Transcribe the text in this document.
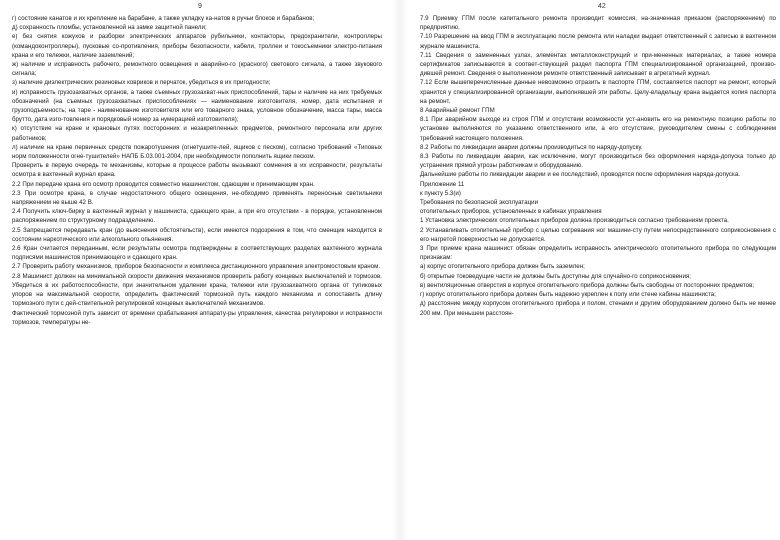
9

г) состояние канатов и их крепление на барабане, а также укладку ка-натов в ручьи блоков и барабанов;

д) сохранность пломбы, установленной на замке защитной панели;

е) без снятия кожухов и разборки электрических аппаратов рубильники, контакторы, предохранители, контроллеры (командоконтроллеры), пусковые со-противления, приборы безопасности, кабели, троллеи и токосъемники электро-питания крана и его тележки, наличие заземлений;

ж) наличие и исправность рабочего, ремонтного освещения и аварийно-го (красного) светового сигнала, а также звукового сигнала;

з) наличие диэлектрических резиновых ковриков и перчаток, убедиться в их пригодности;

и) исправность грузозахватных органов, а также съемных грузозахват-ных приспособлений, тары и наличие на них требуемых обозначений (на съемных грузозахватных приспособлениях — наименование изготовителя, номер, дата испытания и грузоподъемность; на таре - наименование изготовителя или его товарного знака, условное обозначение, масса тары, масса брутто, дата изго-товления и порядковый номер за нумерацией изготовителя);

к) отсутствие на кране и крановых путях посторонних и незакрепленных предметов, ремонтного персонала или других работников;

л) наличие на кране первичных средств пожаротушения (огнетушите-лей, ящиков с песком), согласно требований «Типовых норм положенности огне-тушителей» НАПБ Б.03.001-2004, при необходимости пополнить ящики песком.

Проверить в первую очередь те механизмы, которые в процессе работы вызывают сомнения в их исправности, результаты осмотра в вахтенный журнал крана.

2.2 При передаче крана его осмотр проводится совместно машинистом, сдающим и принимающим кран.

2.3 При осмотре крана, в случае недостаточного общего освещения, не-обходимо применять переносные светильники напряжением не выше 42 В.

2.4 Получить ключ-бирку в вахтенный журнал у машиниста, сдающего кран, а при его отсутствии - в порядке, установленном распоряжением по структурному подразделению.

2.5 Запрещается передавать кран (до выяснения обстоятельств), если имеются подозрения в том, что сменщик находится в состоянии наркотического или алкогольного опьянения.

2.6 Кран считается переданным, если результаты осмотра подтверждены в соответствующих разделах вахтенного журнала подписями машинистов принимающего и сдающего кран.

2.7 Проверить работу механизмов, приборов безопасности и комплекса дистанционного управления электромостовым краном.

2.8 Машинист должен на минимальной скорости движения механизмов проверить работу концевых выключателей и тормозов. Убедиться в их работоспособности, при значительном удалении крана, тележки или грузозахватного органа от тупиковых упоров на максимальной скорости, определить фактический тормозной путь каждого механизма и сопоставить длину тормозного пути с дей-ствительной регулировкой концевых выключателей механизмов.

Фактический тормозной путь зависит от времени срабатывания аппарату-ры управления, качества регулировки и исправности тормозов, температуры не-

42

7.9 Приемку ГПМ после капитального ремонта производит комиссия, на-значенная приказом (распоряжением) по предприятию.

7.10 Разрешение на ввод ГПМ в эксплуатацию после ремонта или наладки выдает ответственный с записью в вахтенном журнале машиниста.

7.11 Сведения о замененных узлах, элементах металлоконструкций и при-мененных материалах, а также номера сертификатов записываются в соответ-ствующий раздел паспорта ГПМ специализированной организацией, произво-дившей ремонт. Сведения о выполненном ремонте ответственный записывает в агрегатный журнал.

7.12 Если вышеперечисленные данные невозможно отразить в паспорте ГПМ, составляется паспорт на ремонт, который хранится у специализированной организации, выполнявшей эти работы. Целу-владельцу крана выдается копия паспорта на ремонт.

8 Аварийный ремонт ГПМ

8.1 При аварийном выходе из строя ГПМ и отсутствии возможности уст-ановить его на ремонтную позицию работы по установке выполняются по указанию ответственного или, а его отсутствие, руководителем смены с соблюдением требований настоящего положения.

8.2 Работы по ликвидации аварии должны производиться по наряду-допуску.

8.3 Работы по ликвидации аварии, как исключение, могут производиться без оформления наряда-допуска только до устранения прямой угрозы работникам и оборудованию.

Дальнейшие работы по ликвидации аварии и ее последствий, проводятся после оформления наряда-допуска.

Приложение 11

к пункту 5.3(и)

Требования по безопасной эксплуатации

отопительных приборов, установленных в кабинах управления

1 Установка электрических отопительных приборов должна производиться согласно требованиям проекта.

2 Устанавливать отопительный прибор с целью согревания ног машини-сту путем непосредственного соприкосновения с его нагретой поверхностью не допускается.

3 При приеме крана машинист обязан определить исправность электрического отопительного прибора по следующим признакам:

а) корпус отопительного прибора должен быть заземлен;

б) открытые токоведущие части не должны быть доступны для случайно-го соприкосновения;

в) вентиляционные отверстия в корпусе отопительного прибора должны быть свободны от посторонних предметов;

г) корпус отопительного прибора должен быть надежно укреплен к полу или стене кабины машиниста;

д) расстояние между корпусом отопительного прибора и полом, стенами и другим оборудованием должно быть не менее 200 мм. При меньшем расстоян-
